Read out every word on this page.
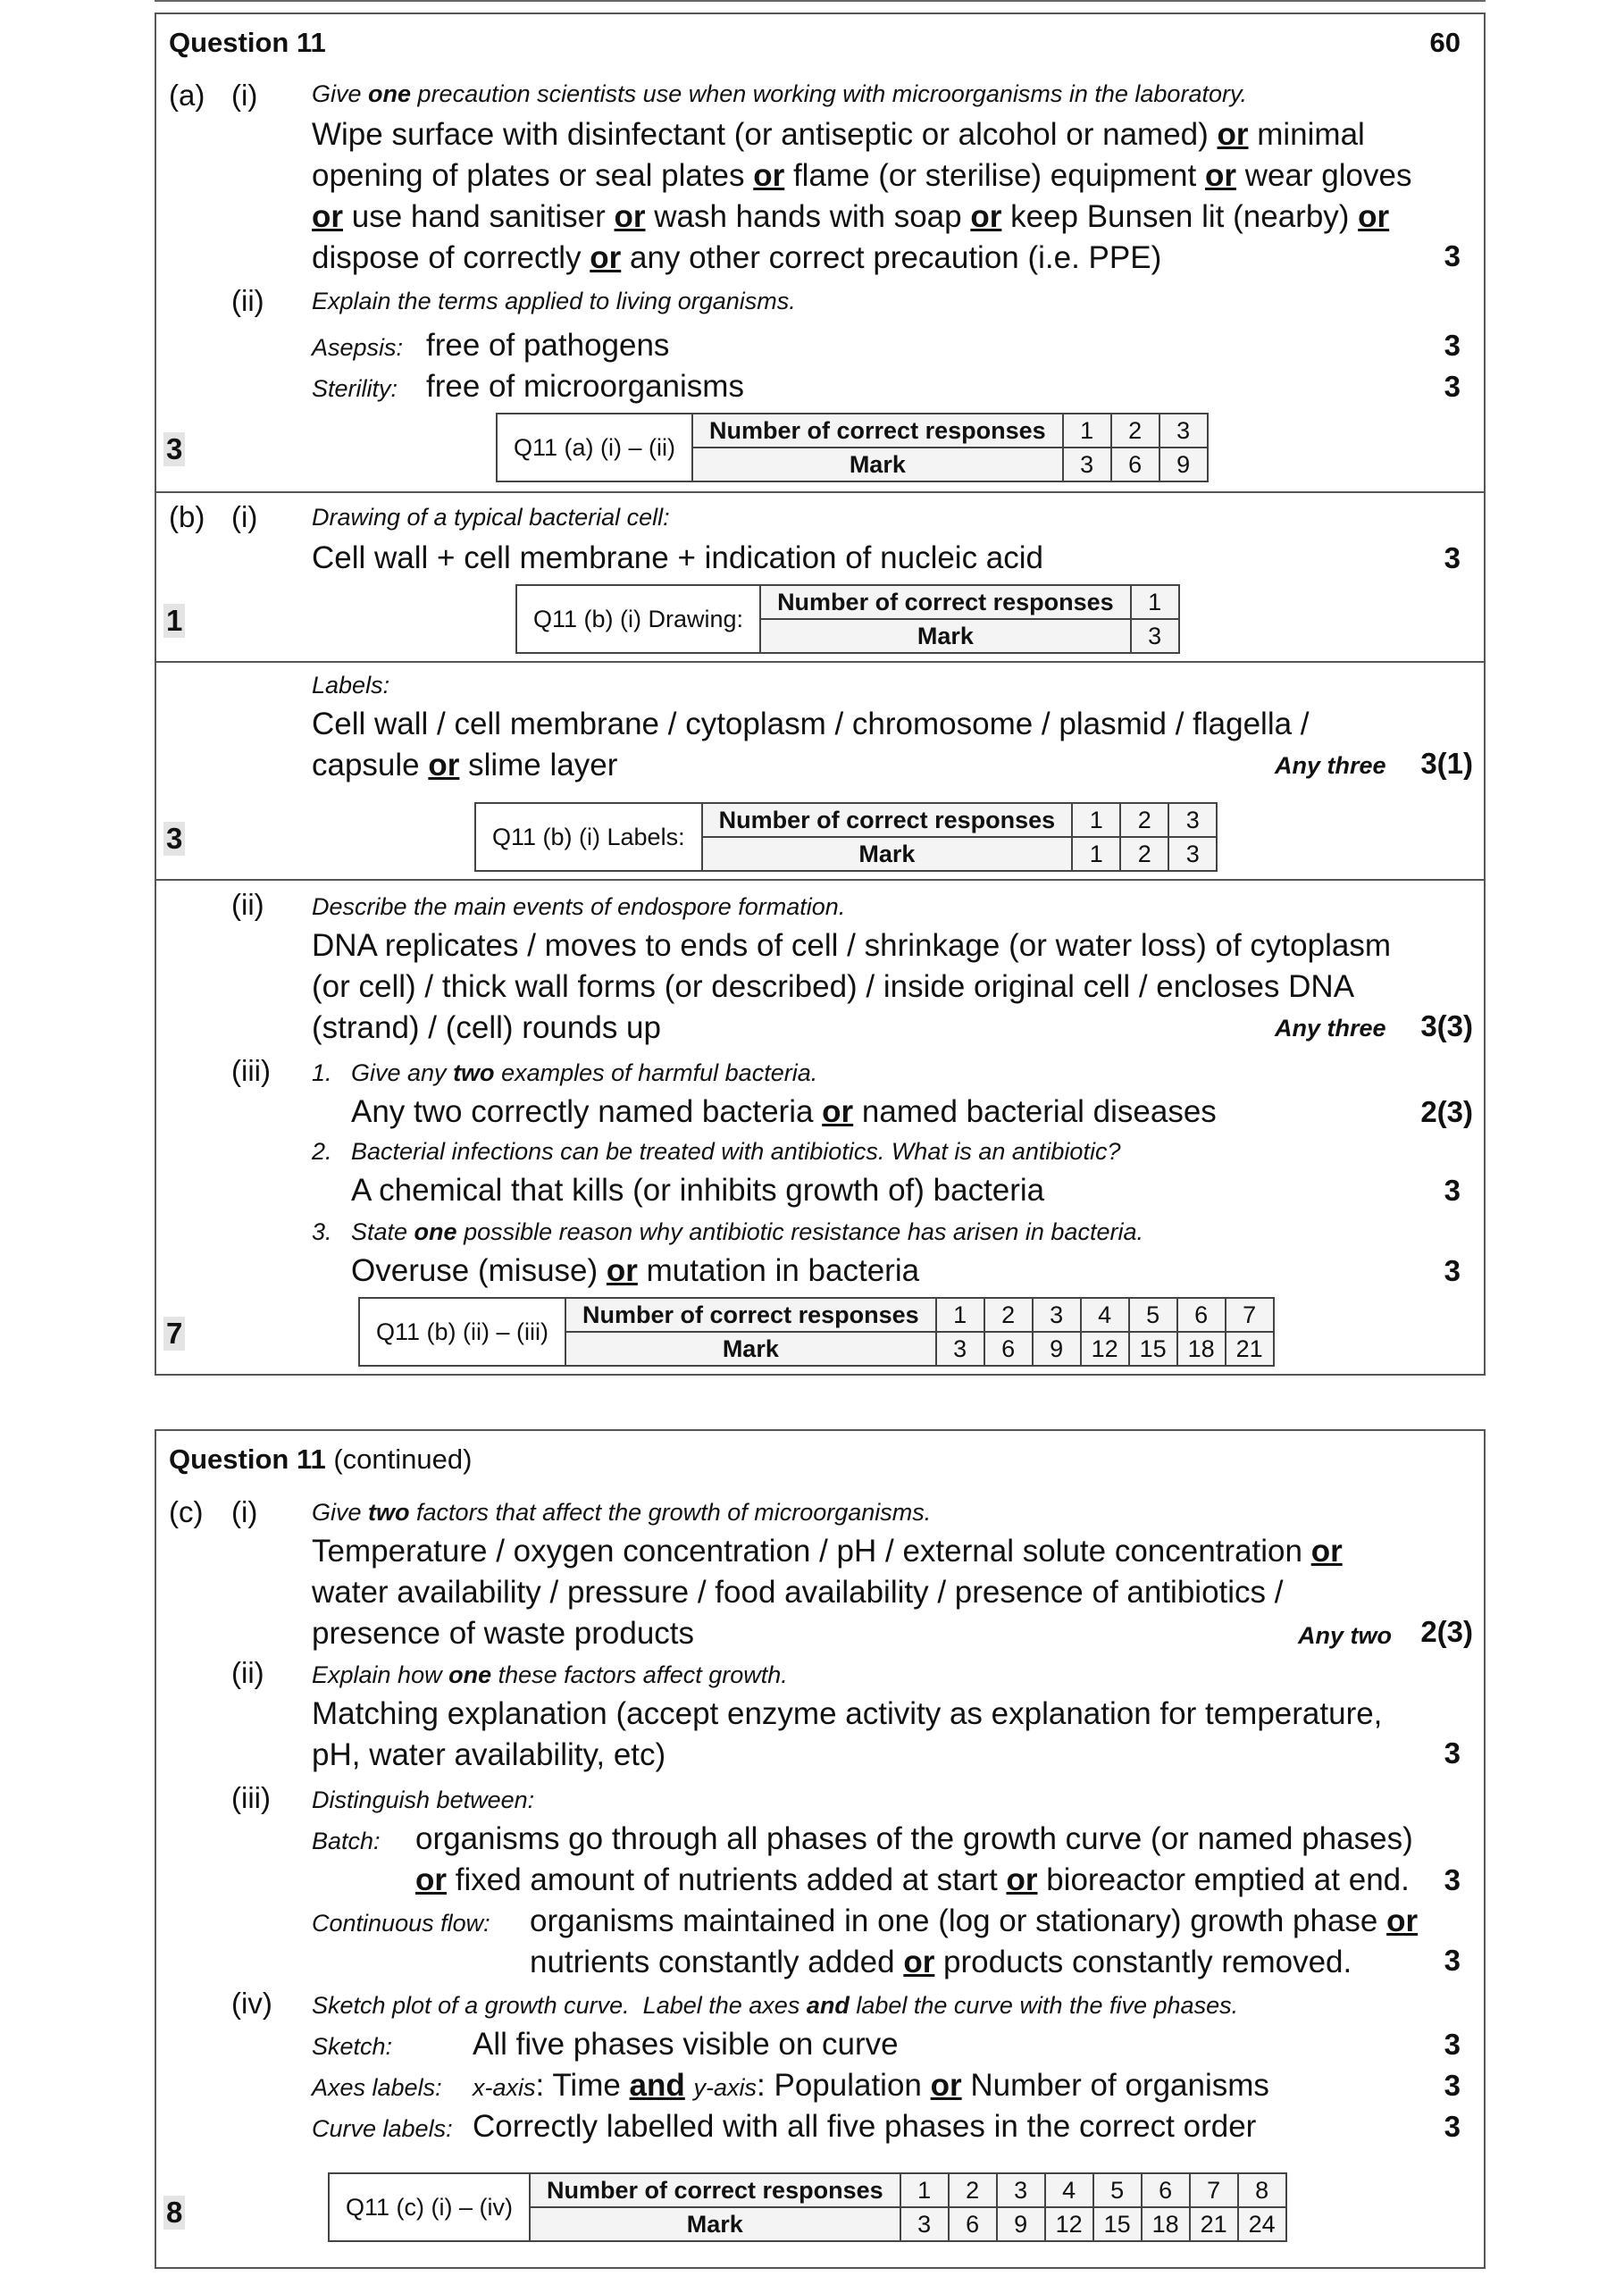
Question 11	60
(a) (i) Give one precaution scientists use when working with microorganisms in the laboratory.
Wipe surface with disinfectant (or antiseptic or alcohol or named) or minimal
opening of plates or seal plates or flame (or sterilise) equipment or wear gloves
or use hand sanitiser or wash hands with soap or keep Bunsen lit (nearby) or
dispose of correctly or any other correct precaution (i.e. PPE)	3
(ii) Explain the terms applied to living organisms.
Asepsis: free of pathogens	3
Sterility: free of microorganisms	3
3	Q11 (a) (i) – (ii)	Number of correct responses	1	2	3
	Mark	3	6	9
(b) (i) Drawing of a typical bacterial cell:
Cell wall + cell membrane + indication of nucleic acid	3
1	Q11 (b) (i) Drawing:	Number of correct responses	1
	Mark	3
Labels:
Cell wall / cell membrane / cytoplasm / chromosome / plasmid / flagella /
capsule or slime layer	Any three	3(1)
3	Q11 (b) (i) Labels:	Number of correct responses	1	2	3
	Mark	1	2	3
(ii) Describe the main events of endospore formation.
DNA replicates / moves to ends of cell / shrinkage (or water loss) of cytoplasm
(or cell) / thick wall forms (or described) / inside original cell / encloses DNA
(strand) / (cell) rounds up	Any three	3(3)
(iii) 1. Give any two examples of harmful bacteria.
Any two correctly named bacteria or named bacterial diseases	2(3)
2. Bacterial infections can be treated with antibiotics. What is an antibiotic?
A chemical that kills (or inhibits growth of) bacteria	3
3. State one possible reason why antibiotic resistance has arisen in bacteria.
Overuse (misuse) or mutation in bacteria	3
7	Q11 (b) (ii) – (iii)	Number of correct responses	1	2	3	4	5	6	7
	Mark	3	6	9	12	15	18	21
Question 11 (continued)
(c) (i) Give two factors that affect the growth of microorganisms.
Temperature / oxygen concentration / pH / external solute concentration or
water availability / pressure / food availability / presence of antibiotics /
presence of waste products	Any two 2(3)
(ii) Explain how one these factors affect growth.
Matching explanation (accept enzyme activity as explanation for temperature,
pH, water availability, etc)	3
(iii) Distinguish between:
Batch: organisms go through all phases of the growth curve (or named phases)
or fixed amount of nutrients added at start or bioreactor emptied at end.	3
Continuous flow: organisms maintained in one (log or stationary) growth phase or
nutrients constantly added or products constantly removed.	3
(iv) Sketch plot of a growth curve.  Label the axes and label the curve with the five phases.
Sketch:	All five phases visible on curve	3
Axes labels: x-axis: Time and y-axis: Population or Number of organisms	3
Curve labels: Correctly labelled with all five phases in the correct order	3
8	Q11 (c) (i) – (iv)	Number of correct responses	1	2	3	4	5	6	7	8
	Mark	3	6	9	12	15	18	21	24
